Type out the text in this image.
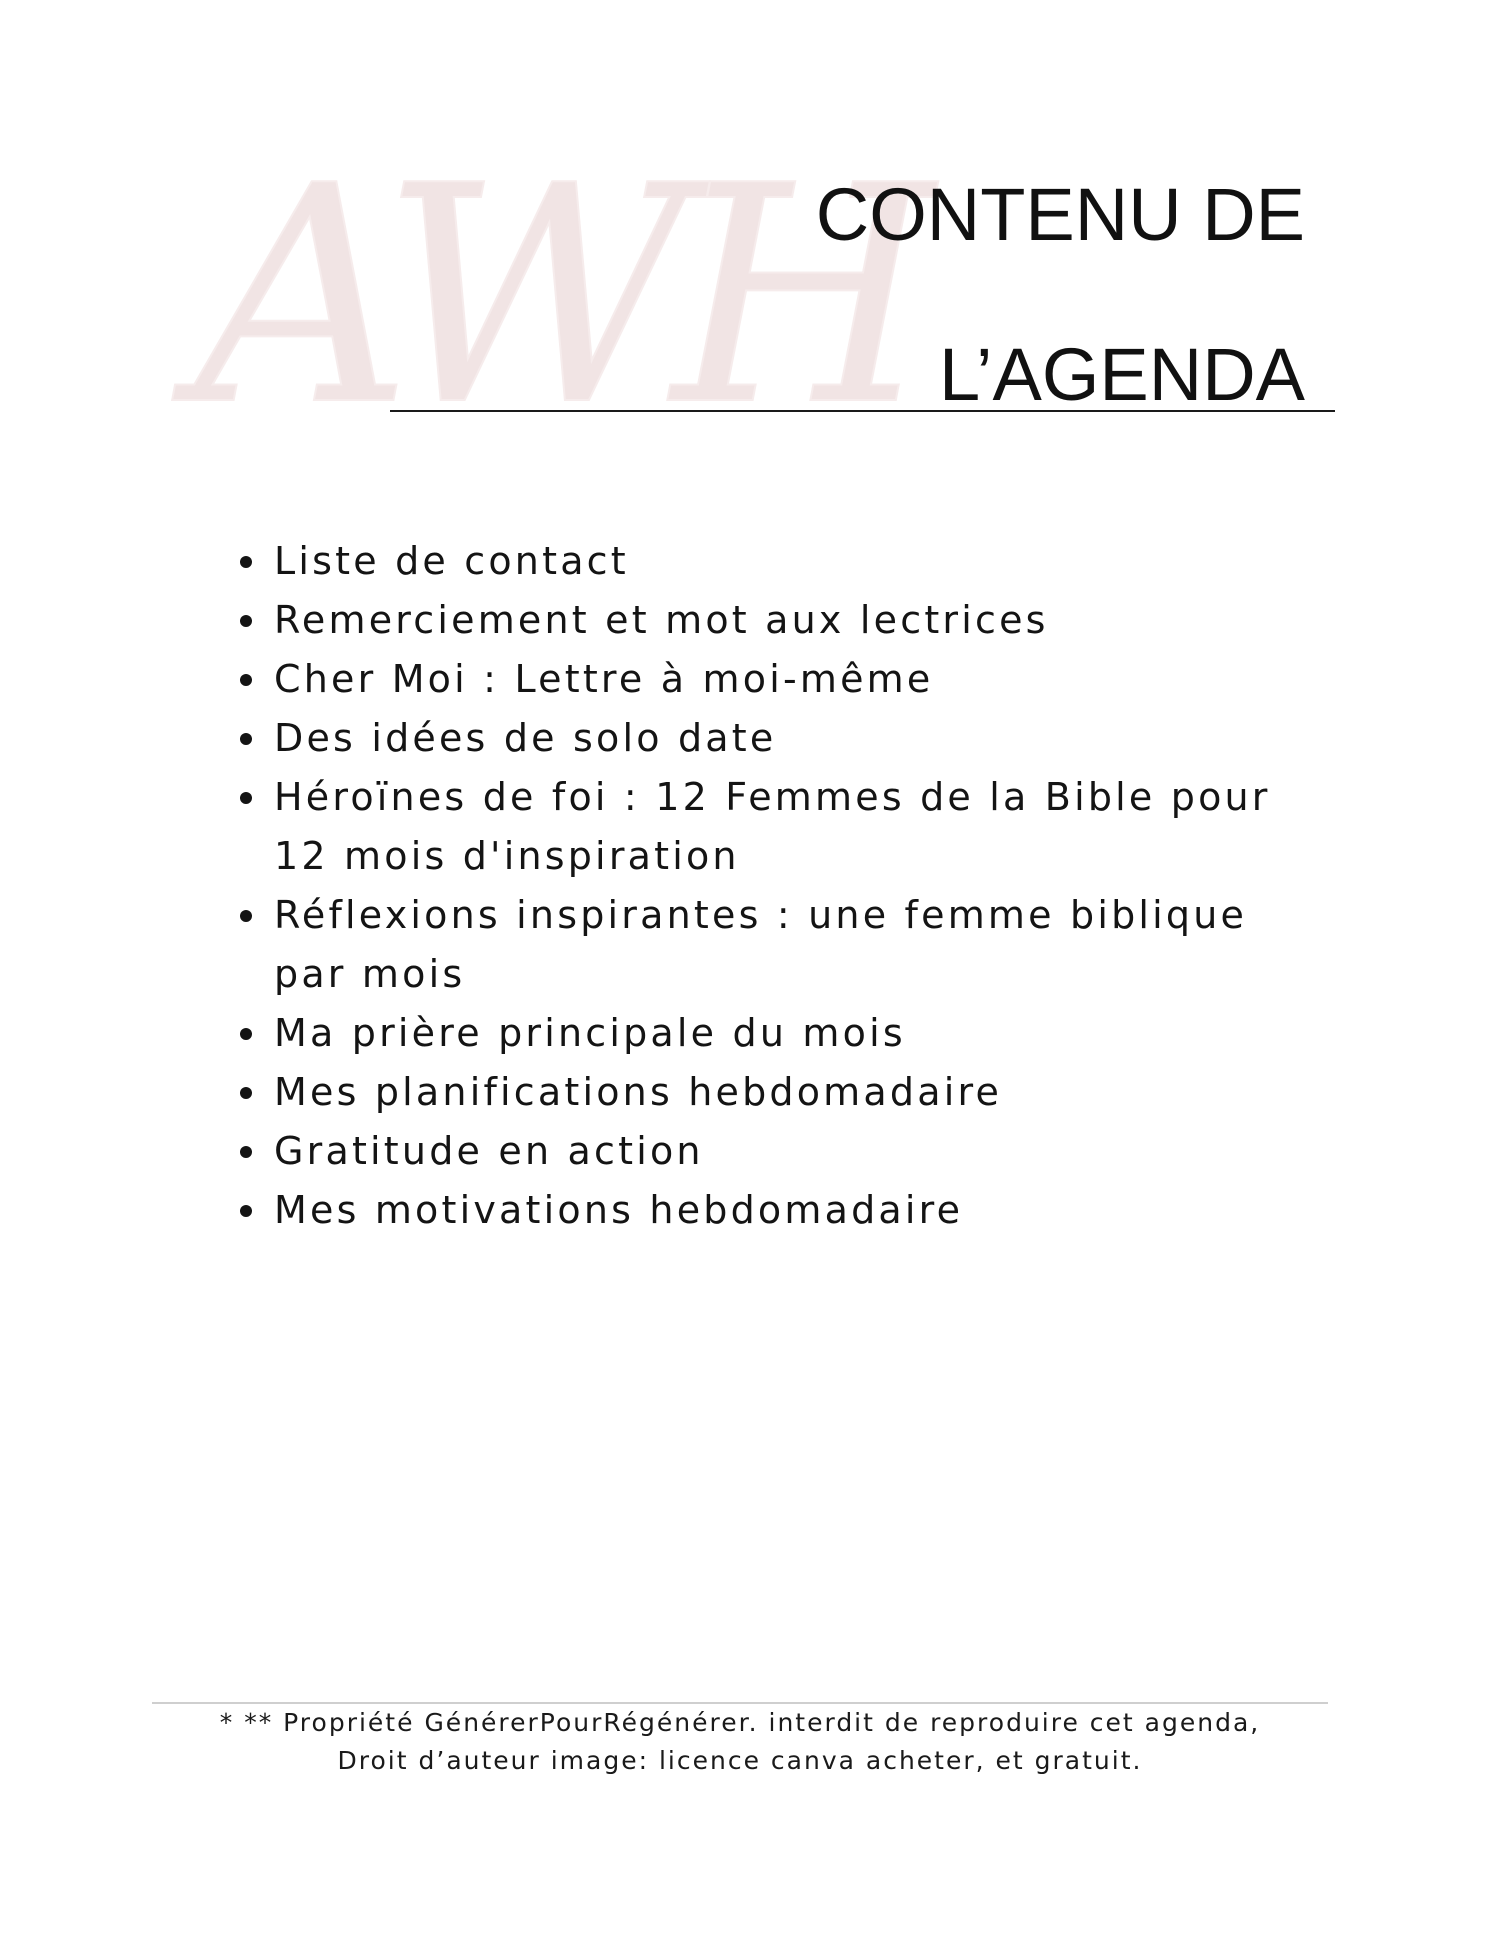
AWH
CONTENU DE
L’AGENDA
Liste de contact
Remerciement et mot aux lectrices
Cher Moi : Lettre à moi-même
Des idées de solo date
Héroïnes de foi : 12 Femmes de la Bible pour 12 mois d'inspiration
Réflexions inspirantes : une femme biblique par mois
Ma prière principale du mois
Mes planifications hebdomadaire
Gratitude en action
Mes motivations hebdomadaire
* ** Propriété GénérerPourRégénérer. interdit de reproduire cet agenda,
Droit d’auteur image: licence canva acheter, et gratuit.
